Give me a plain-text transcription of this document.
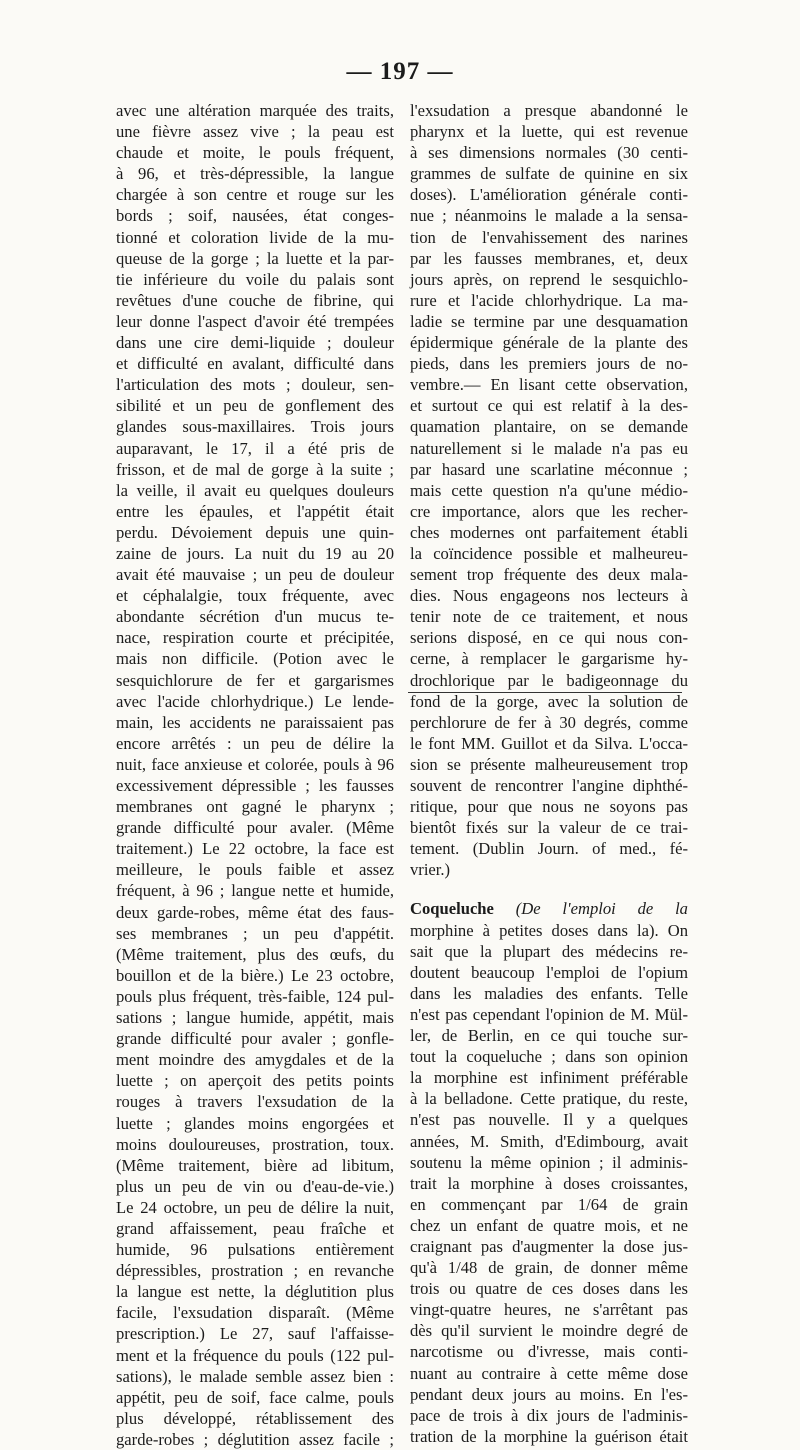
— 197 —
avec une altération marquée des traits,
une fièvre assez vive ; la peau est
chaude et moite, le pouls fréquent,
à 96, et très-dépressible, la langue
chargée à son centre et rouge sur les
bords ; soif, nausées, état conges-
tionné et coloration livide de la mu-
queuse de la gorge ; la luette et la par-
tie inférieure du voile du palais sont
revêtues d'une couche de fibrine, qui
leur donne l'aspect d'avoir été trempées
dans une cire demi-liquide ; douleur
et difficulté en avalant, difficulté dans
l'articulation des mots ; douleur, sen-
sibilité et un peu de gonflement des
glandes sous-maxillaires. Trois jours
auparavant, le 17, il a été pris de
frisson, et de mal de gorge à la suite ;
la veille, il avait eu quelques douleurs
entre les épaules, et l'appétit était
perdu. Dévoiement depuis une quin-
zaine de jours. La nuit du 19 au 20
avait été mauvaise ; un peu de douleur
et céphalalgie, toux fréquente, avec
abondante sécrétion d'un mucus te-
nace, respiration courte et précipitée,
mais non difficile. (Potion avec le
sesquichlorure de fer et gargarismes
avec l'acide chlorhydrique.) Le lende-
main, les accidents ne paraissaient pas
encore arrêtés : un peu de délire la
nuit, face anxieuse et colorée, pouls à 96
excessivement dépressible ; les fausses
membranes ont gagné le pharynx ;
grande difficulté pour avaler. (Même
traitement.) Le 22 octobre, la face est
meilleure, le pouls faible et assez
fréquent, à 96 ; langue nette et humide,
deux garde-robes, même état des faus-
ses membranes ; un peu d'appétit.
(Même traitement, plus des œufs, du
bouillon et de la bière.) Le 23 octobre,
pouls plus fréquent, très-faible, 124 pul-
sations ; langue humide, appétit, mais
grande difficulté pour avaler ; gonfle-
ment moindre des amygdales et de la
luette ; on aperçoit des petits points
rouges à travers l'exsudation de la
luette ; glandes moins engorgées et
moins douloureuses, prostration, toux.
(Même traitement, bière ad libitum,
plus un peu de vin ou d'eau-de-vie.)
Le 24 octobre, un peu de délire la nuit,
grand affaissement, peau fraîche et
humide, 96 pulsations entièrement
dépressibles, prostration ; en revanche
la langue est nette, la déglutition plus
facile, l'exsudation disparaît. (Même
prescription.) Le 27, sauf l'affaisse-
ment et la fréquence du pouls (122 pul-
sations), le malade semble assez bien :
appétit, peu de soif, face calme, pouls
plus développé, rétablissement des
garde-robes ; déglutition assez facile ;
l'exsudation a presque abandonné le
pharynx et la luette, qui est revenue
à ses dimensions normales (30 centi-
grammes de sulfate de quinine en six
doses). L'amélioration générale conti-
nue ; néanmoins le malade a la sensa-
tion de l'envahissement des narines
par les fausses membranes, et, deux
jours après, on reprend le sesquichlo-
rure et l'acide chlorhydrique. La ma-
ladie se termine par une desquamation
épidermique générale de la plante des
pieds, dans les premiers jours de no-
vembre.— En lisant cette observation,
et surtout ce qui est relatif à la des-
quamation plantaire, on se demande
naturellement si le malade n'a pas eu
par hasard une scarlatine méconnue ;
mais cette question n'a qu'une médio-
cre importance, alors que les recher-
ches modernes ont parfaitement établi
la coïncidence possible et malheureu-
sement trop fréquente des deux mala-
dies. Nous engageons nos lecteurs à
tenir note de ce traitement, et nous
serions disposé, en ce qui nous con-
cerne, à remplacer le gargarisme hy-
drochlorique par le badigeonnage du
fond de la gorge, avec la solution de
perchlorure de fer à 30 degrés, comme
le font MM. Guillot et da Silva. L'occa-
sion se présente malheureusement trop
souvent de rencontrer l'angine diphthé-
ritique, pour que nous ne soyons pas
bientôt fixés sur la valeur de ce trai-
tement. (Dublin Journ. of med., fé-
vrier.)
Coqueluche (De l'emploi de la
morphine à petites doses dans la). On
sait que la plupart des médecins re-
doutent beaucoup l'emploi de l'opium
dans les maladies des enfants. Telle
n'est pas cependant l'opinion de M. Mül-
ler, de Berlin, en ce qui touche sur-
tout la coqueluche ; dans son opinion
la morphine est infiniment préférable
à la belladone. Cette pratique, du reste,
n'est pas nouvelle. Il y a quelques
années, M. Smith, d'Edimbourg, avait
soutenu la même opinion ; il adminis-
trait la morphine à doses croissantes,
en commençant par 1/64 de grain
chez un enfant de quatre mois, et ne
craignant pas d'augmenter la dose jus-
qu'à 1/48 de grain, de donner même
trois ou quatre de ces doses dans les
vingt-quatre heures, ne s'arrêtant pas
dès qu'il survient le moindre degré de
narcotisme ou d'ivresse, mais conti-
nuant au contraire à cette même dose
pendant deux jours au moins. En l'es-
pace de trois à dix jours de l'adminis-
tration de la morphine la guérison était
